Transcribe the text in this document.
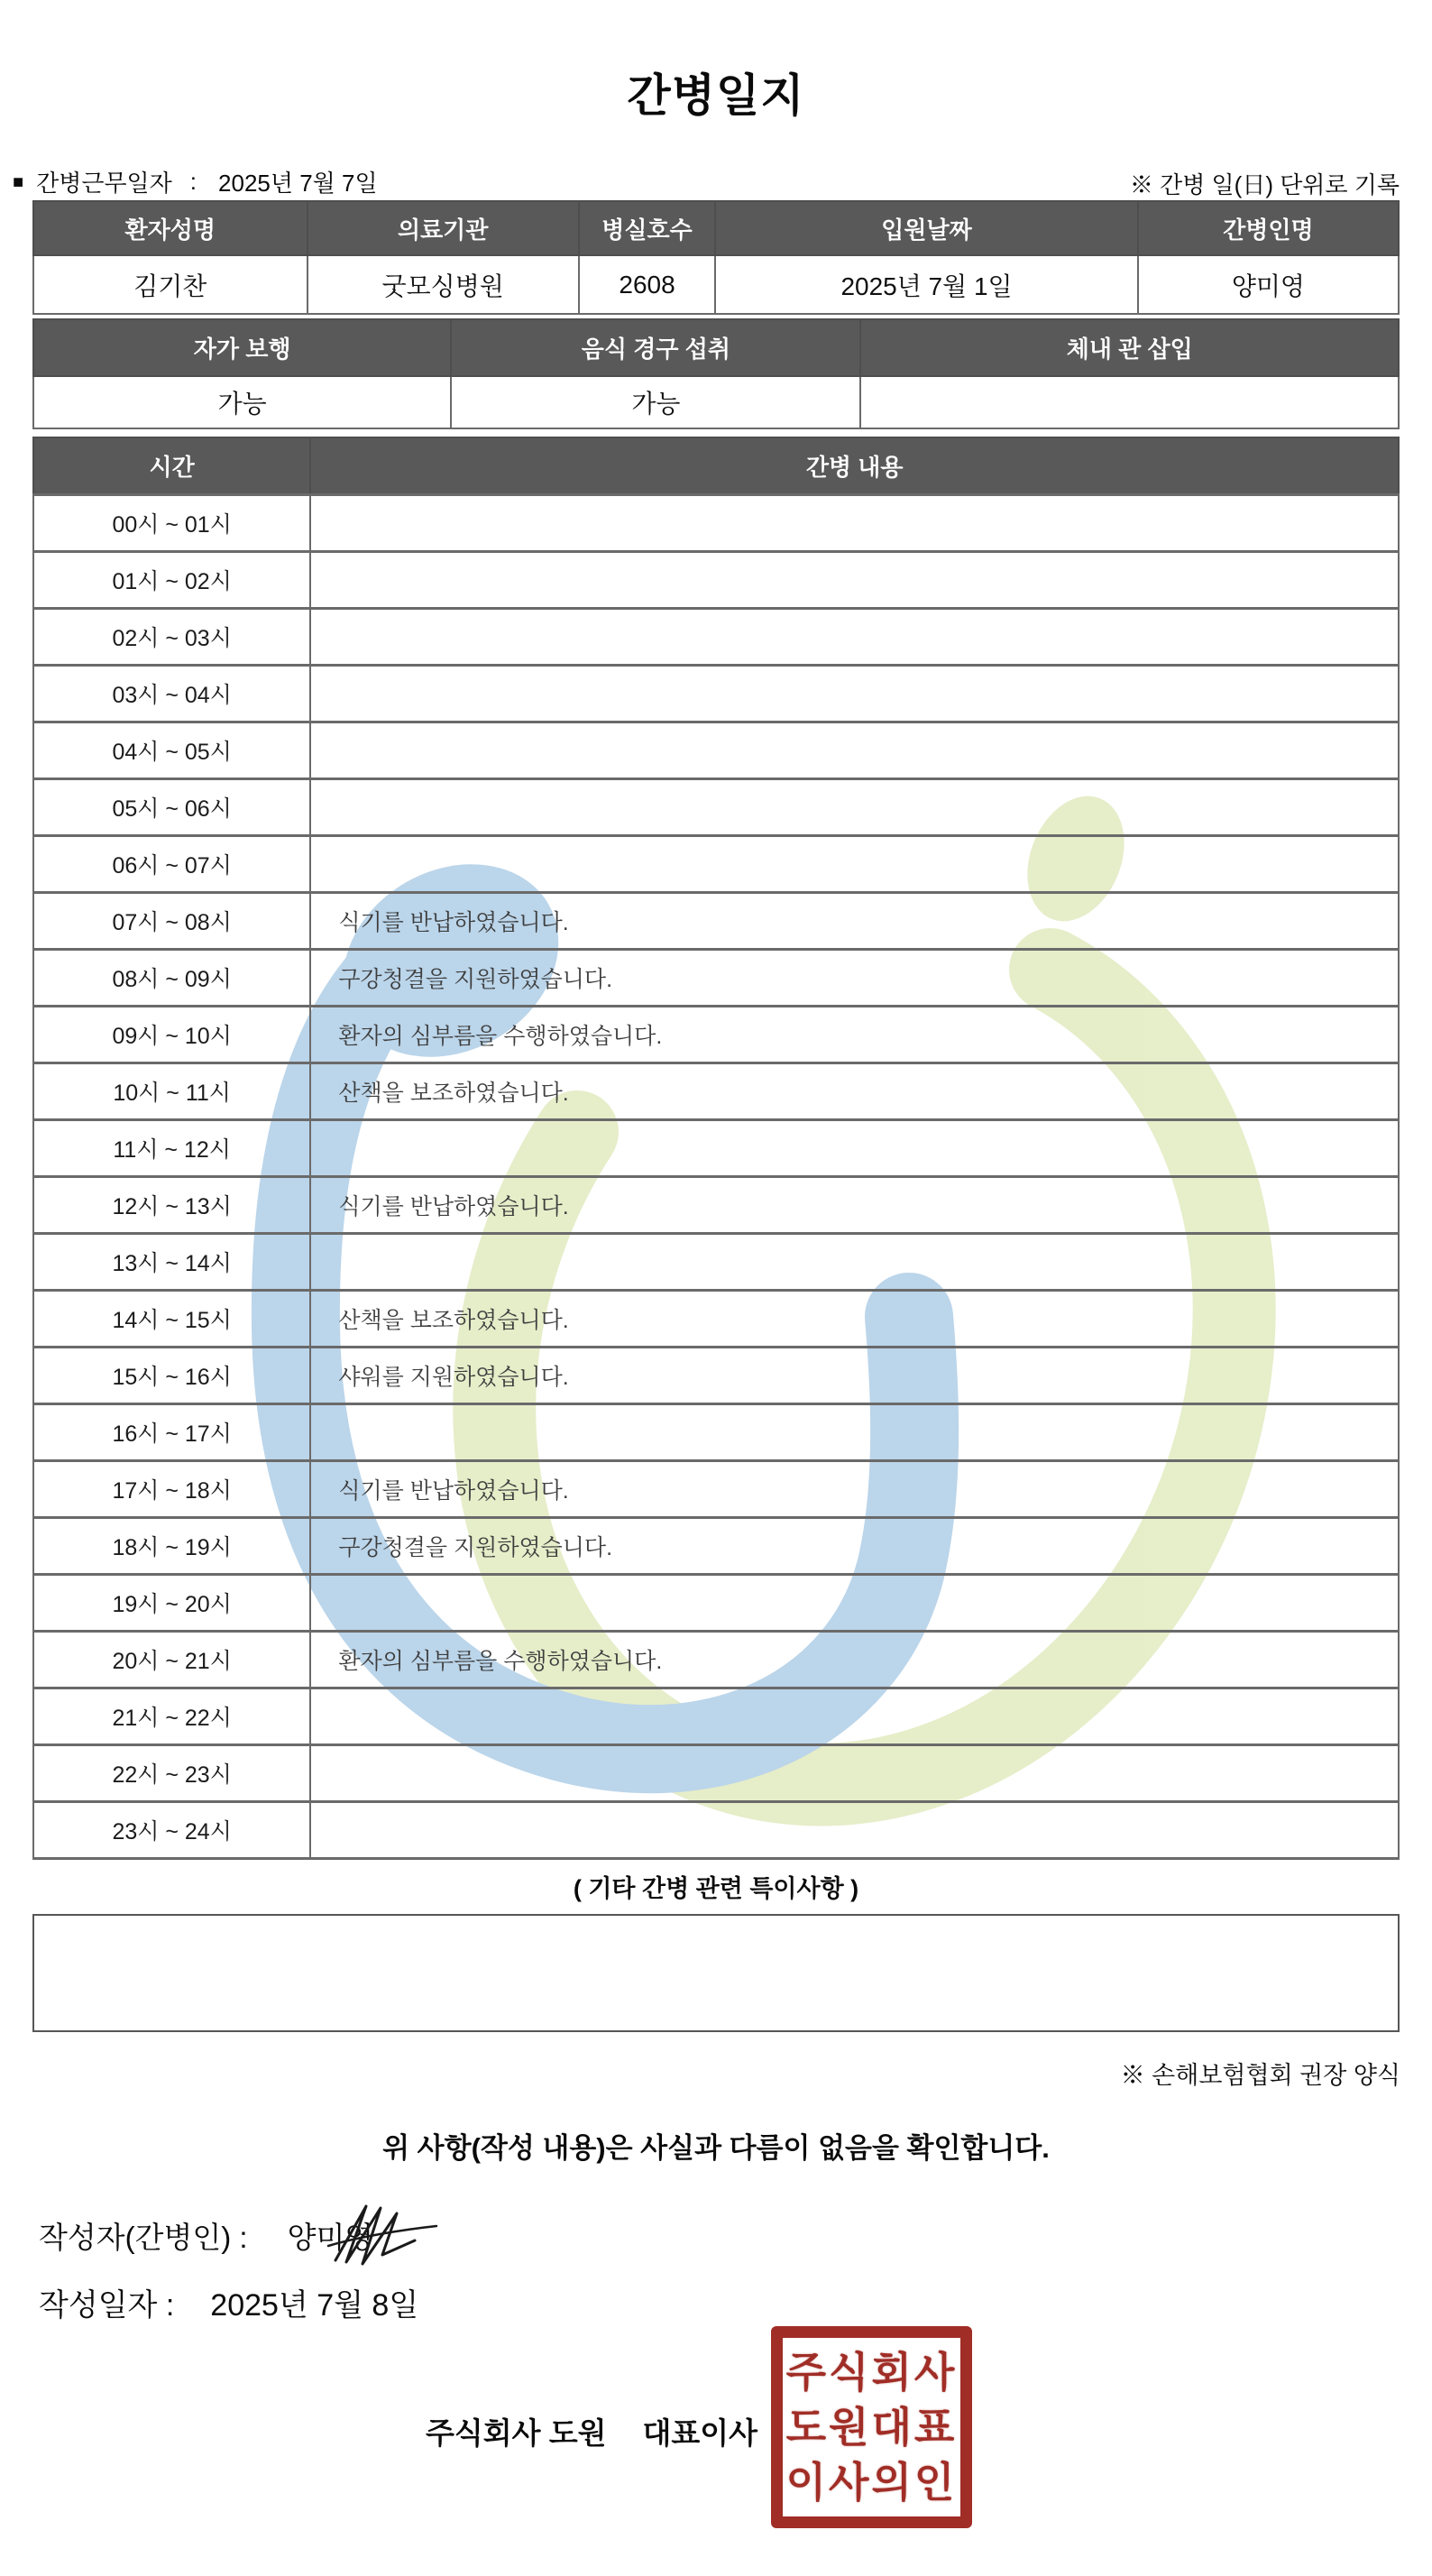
간병일지
■ 간병근무일자 : 2025년 7월 7일	※ 간병 일(日) 단위로 기록
환자성명	의료기관	병실호수	입원날짜	간병인명
김기찬	굿모싱병원	2608	2025년 7월 1일	양미영
자가 보행	음식 경구 섭취	체내 관 삽입
가능	가능	
시간	간병 내용
00시 ~ 01시	
01시 ~ 02시	
02시 ~ 03시	
03시 ~ 04시	
04시 ~ 05시	
05시 ~ 06시	
06시 ~ 07시	
07시 ~ 08시	식기를 반납하였습니다.
08시 ~ 09시	구강청결을 지원하였습니다.
09시 ~ 10시	환자의 심부름을 수행하였습니다.
10시 ~ 11시	산책을 보조하였습니다.
11시 ~ 12시	
12시 ~ 13시	식기를 반납하였습니다.
13시 ~ 14시	
14시 ~ 15시	산책을 보조하였습니다.
15시 ~ 16시	샤워를 지원하였습니다.
16시 ~ 17시	
17시 ~ 18시	식기를 반납하였습니다.
18시 ~ 19시	구강청결을 지원하였습니다.
19시 ~ 20시	
20시 ~ 21시	환자의 심부름을 수행하였습니다.
21시 ~ 22시	
22시 ~ 23시	
23시 ~ 24시	
( 기타 간병 관련 특이사항 )
※ 손해보험협회 권장 양식
위 사항(작성 내용)은 사실과 다름이 없음을 확인합니다.
작성자(간병인) : 양미영
작성일자 : 2025년 7월 8일
주식회사 도원 대표이사
주식회사
도원대표
이사의인
